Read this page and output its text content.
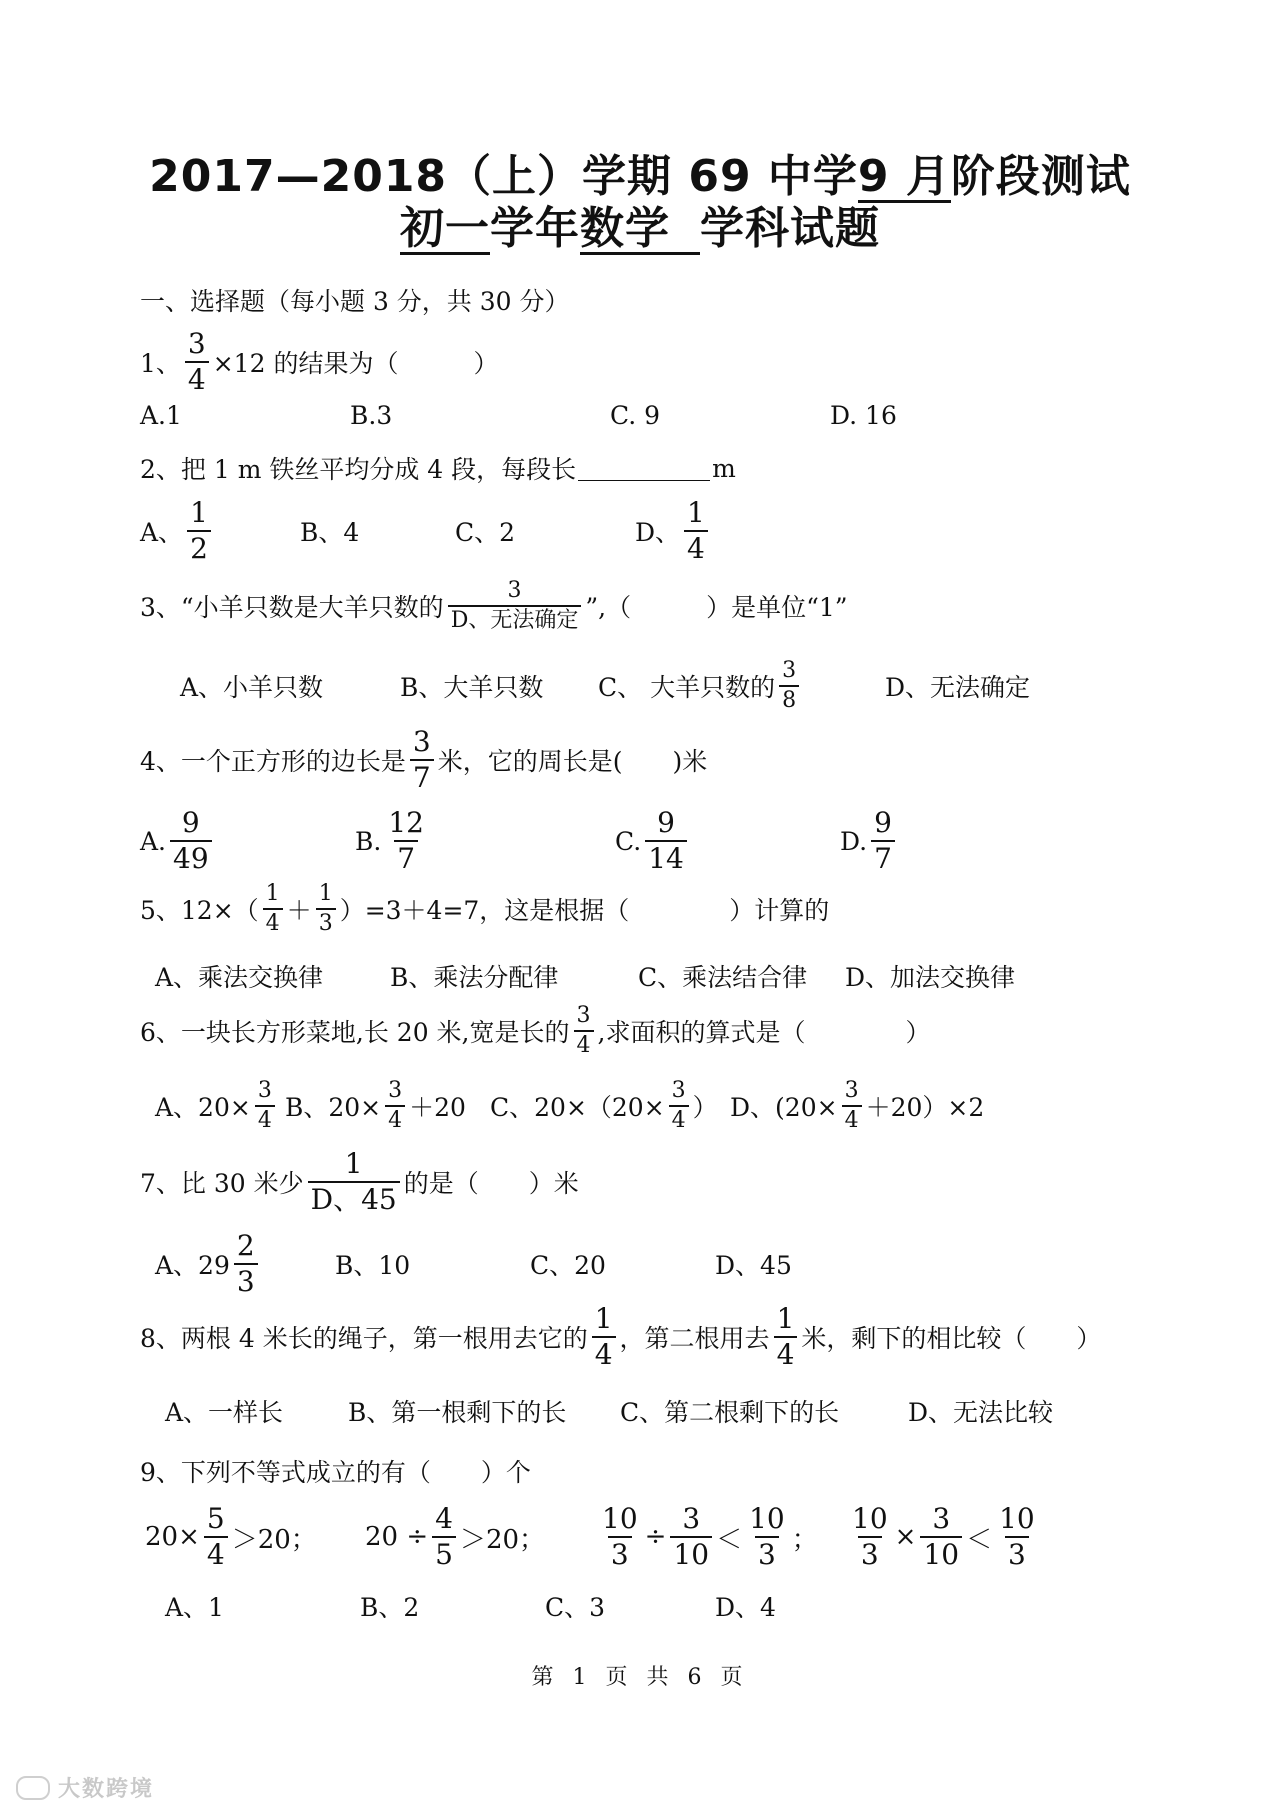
2017—2018（上）学期 69 中学9 月阶段测试
初一学年数学学科试题
一、选择题（每小题 3 分，共 30 分）
1、 $\frac{3}{4} \times 12$ 的结果为（　　　）
A.1	B.3	C. 9	D. 16
2、把 1 m 铁丝平均分成 4 段，每段长	m
A、 $\frac{1}{2}$	B、4	C、2	D、 $\frac{1}{4}$
3、“小羊只数是大羊只数的 $\frac{3}{\text{D、无法确定}}$ ”,（　　　）是单位“1”
A、小羊只数	B、大羊只数 C、 大羊只数的 $\frac{3}{8}$	D、无法确定
4、一个正方形的边长是 $\frac{3}{7}$ 米，它的周长是(　　)米
A. $\frac{9}{49}$	B. $\frac{12}{7}$	C. $\frac{9}{14}$	D. $\frac{9}{7}$
5、$12\times( \frac{1}{4} + \frac{1}{3} )=3+4=7$，这是根据（　　　　）计算的
A、乘法交换律	B、乘法分配律	C、乘法结合律 D、加法交换律
6、一块长方形菜地,长 20 米,宽是长的 $\frac{3}{4}$ ,求面积的算式是（　　　　）
A、$20\times \frac{3}{4}$ B、$20\times \frac{3}{4} +20$ C、$20\times(20\times \frac{3}{4}$ ） D、$(20\times \frac{3}{4} +20)\times 2$
7、比 30 米少 $\frac{1}{D、45}$ 的是（　　）米
A、$29 \frac{2}{3}$	B、10	C、20	D、45
8、两根 4 米长的绳子，第一根用去它的 $\frac{1}{4}$ ，第二根用去 $\frac{1}{4}$ 米，剩下的相比较（　　）
A、一样长	B、第一根剩下的长 C、第二根剩下的长	D、无法比较
9、下列不等式成立的有（　　）个
$20\times \frac{5}{4} >20$； $20 \div \frac{4}{5} >20$； $\frac{10}{3} \div \frac{3}{10} < \frac{10}{3}$ ； $\frac{10}{3} \times \frac{3}{10} < \frac{10}{3}$
A、1	B、2	C、3	D、4
第 1 页 共 6 页
大数跨境
